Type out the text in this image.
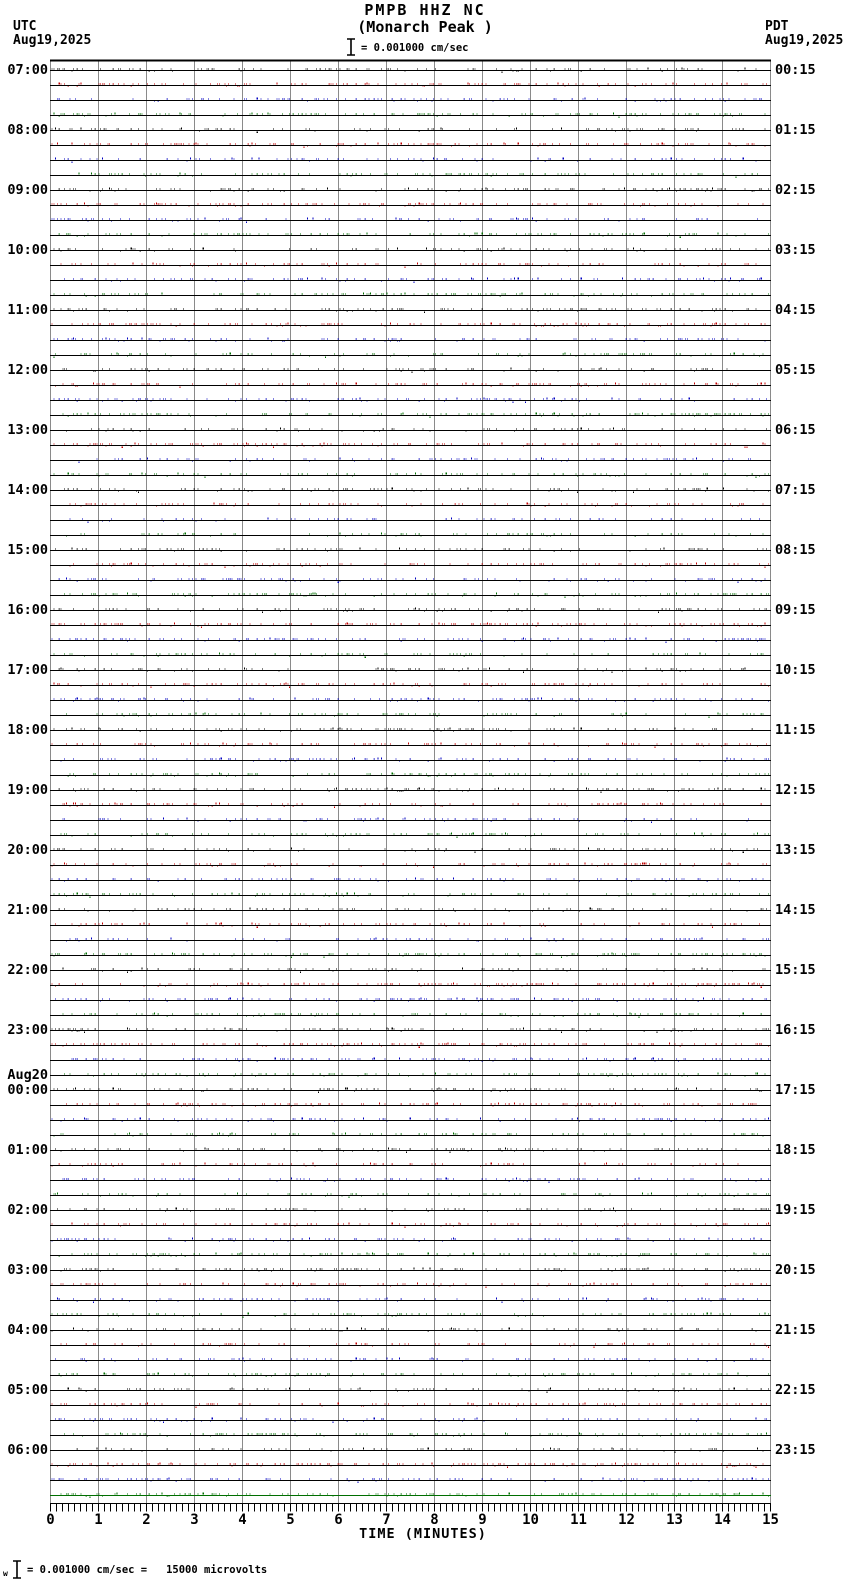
PMPB HHZ NC
(Monarch Peak )
= 0.001000 cm/sec
UTC
Aug19,2025
PDT
Aug19,2025
07:00
08:00
09:00
10:00
11:00
12:00
13:00
14:00
15:00
16:00
17:00
18:00
19:00
20:00
21:00
22:00
23:00
Aug20
00:00
01:00
02:00
03:00
04:00
05:00
06:00
00:15
01:15
02:15
03:15
04:15
05:15
06:15
07:15
08:15
09:15
10:15
11:15
12:15
13:15
14:15
15:15
16:15
17:15
18:15
19:15
20:15
21:15
22:15
23:15
0	1	2	3	4	5	6	7	8	9	10	11	12	13	14	15
TIME (MINUTES)
w = 0.001000 cm/sec =   15000 microvolts
